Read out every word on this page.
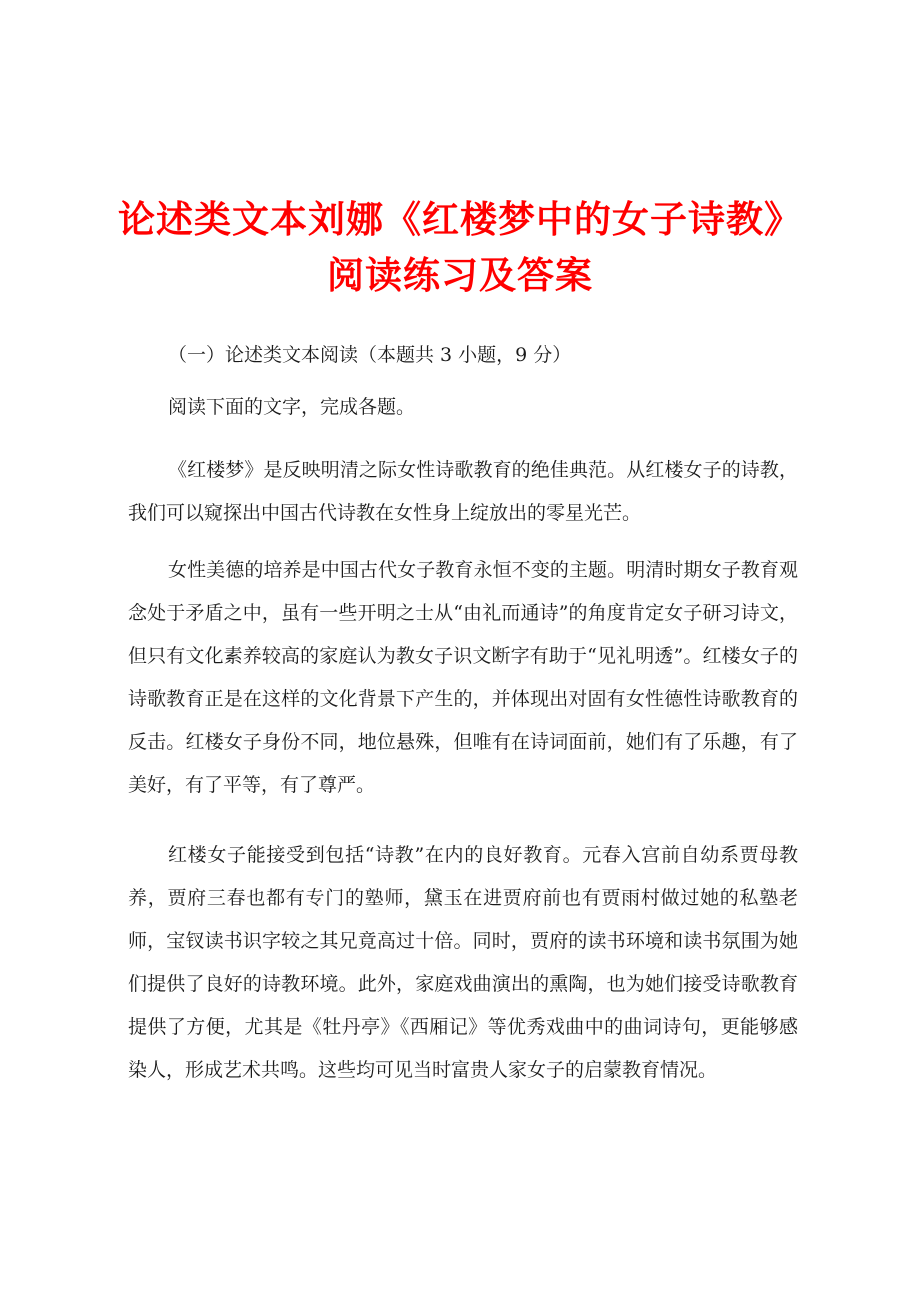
论述类文本刘娜《红楼梦中的女子诗教》阅读练习及答案
（一）论述类文本阅读（本题共 3 小题，9 分）
阅读下面的文字，完成各题。

《红楼梦》是反映明清之际女性诗歌教育的绝佳典范。从红楼女子的诗教，我们可以窥探出中国古代诗教在女性身上绽放出的零星光芒。

女性美德的培养是中国古代女子教育永恒不变的主题。明清时期女子教育观念处于矛盾之中，虽有一些开明之士从“由礼而通诗”的角度肯定女子研习诗文，但只有文化素养较高的家庭认为教女子识文断字有助于“见礼明透”。红楼女子的诗歌教育正是在这样的文化背景下产生的，并体现出对固有女性德性诗歌教育的反击。红楼女子身份不同，地位悬殊，但唯有在诗词面前，她们有了乐趣，有了美好，有了平等，有了尊严。

红楼女子能接受到包括“诗教”在内的良好教育。元春入宫前自幼系贾母教养，贾府三春也都有专门的塾师，黛玉在进贾府前也有贾雨村做过她的私塾老师，宝钗读书识字较之其兄竟高过十倍。同时，贾府的读书环境和读书氛围为她们提供了良好的诗教环境。此外，家庭戏曲演出的熏陶，也为她们接受诗歌教育提供了方便，尤其是《牡丹亭》《西厢记》等优秀戏曲中的曲词诗句，更能够感染人，形成艺术共鸣。这些均可见当时富贵人家女子的启蒙教育情况。
